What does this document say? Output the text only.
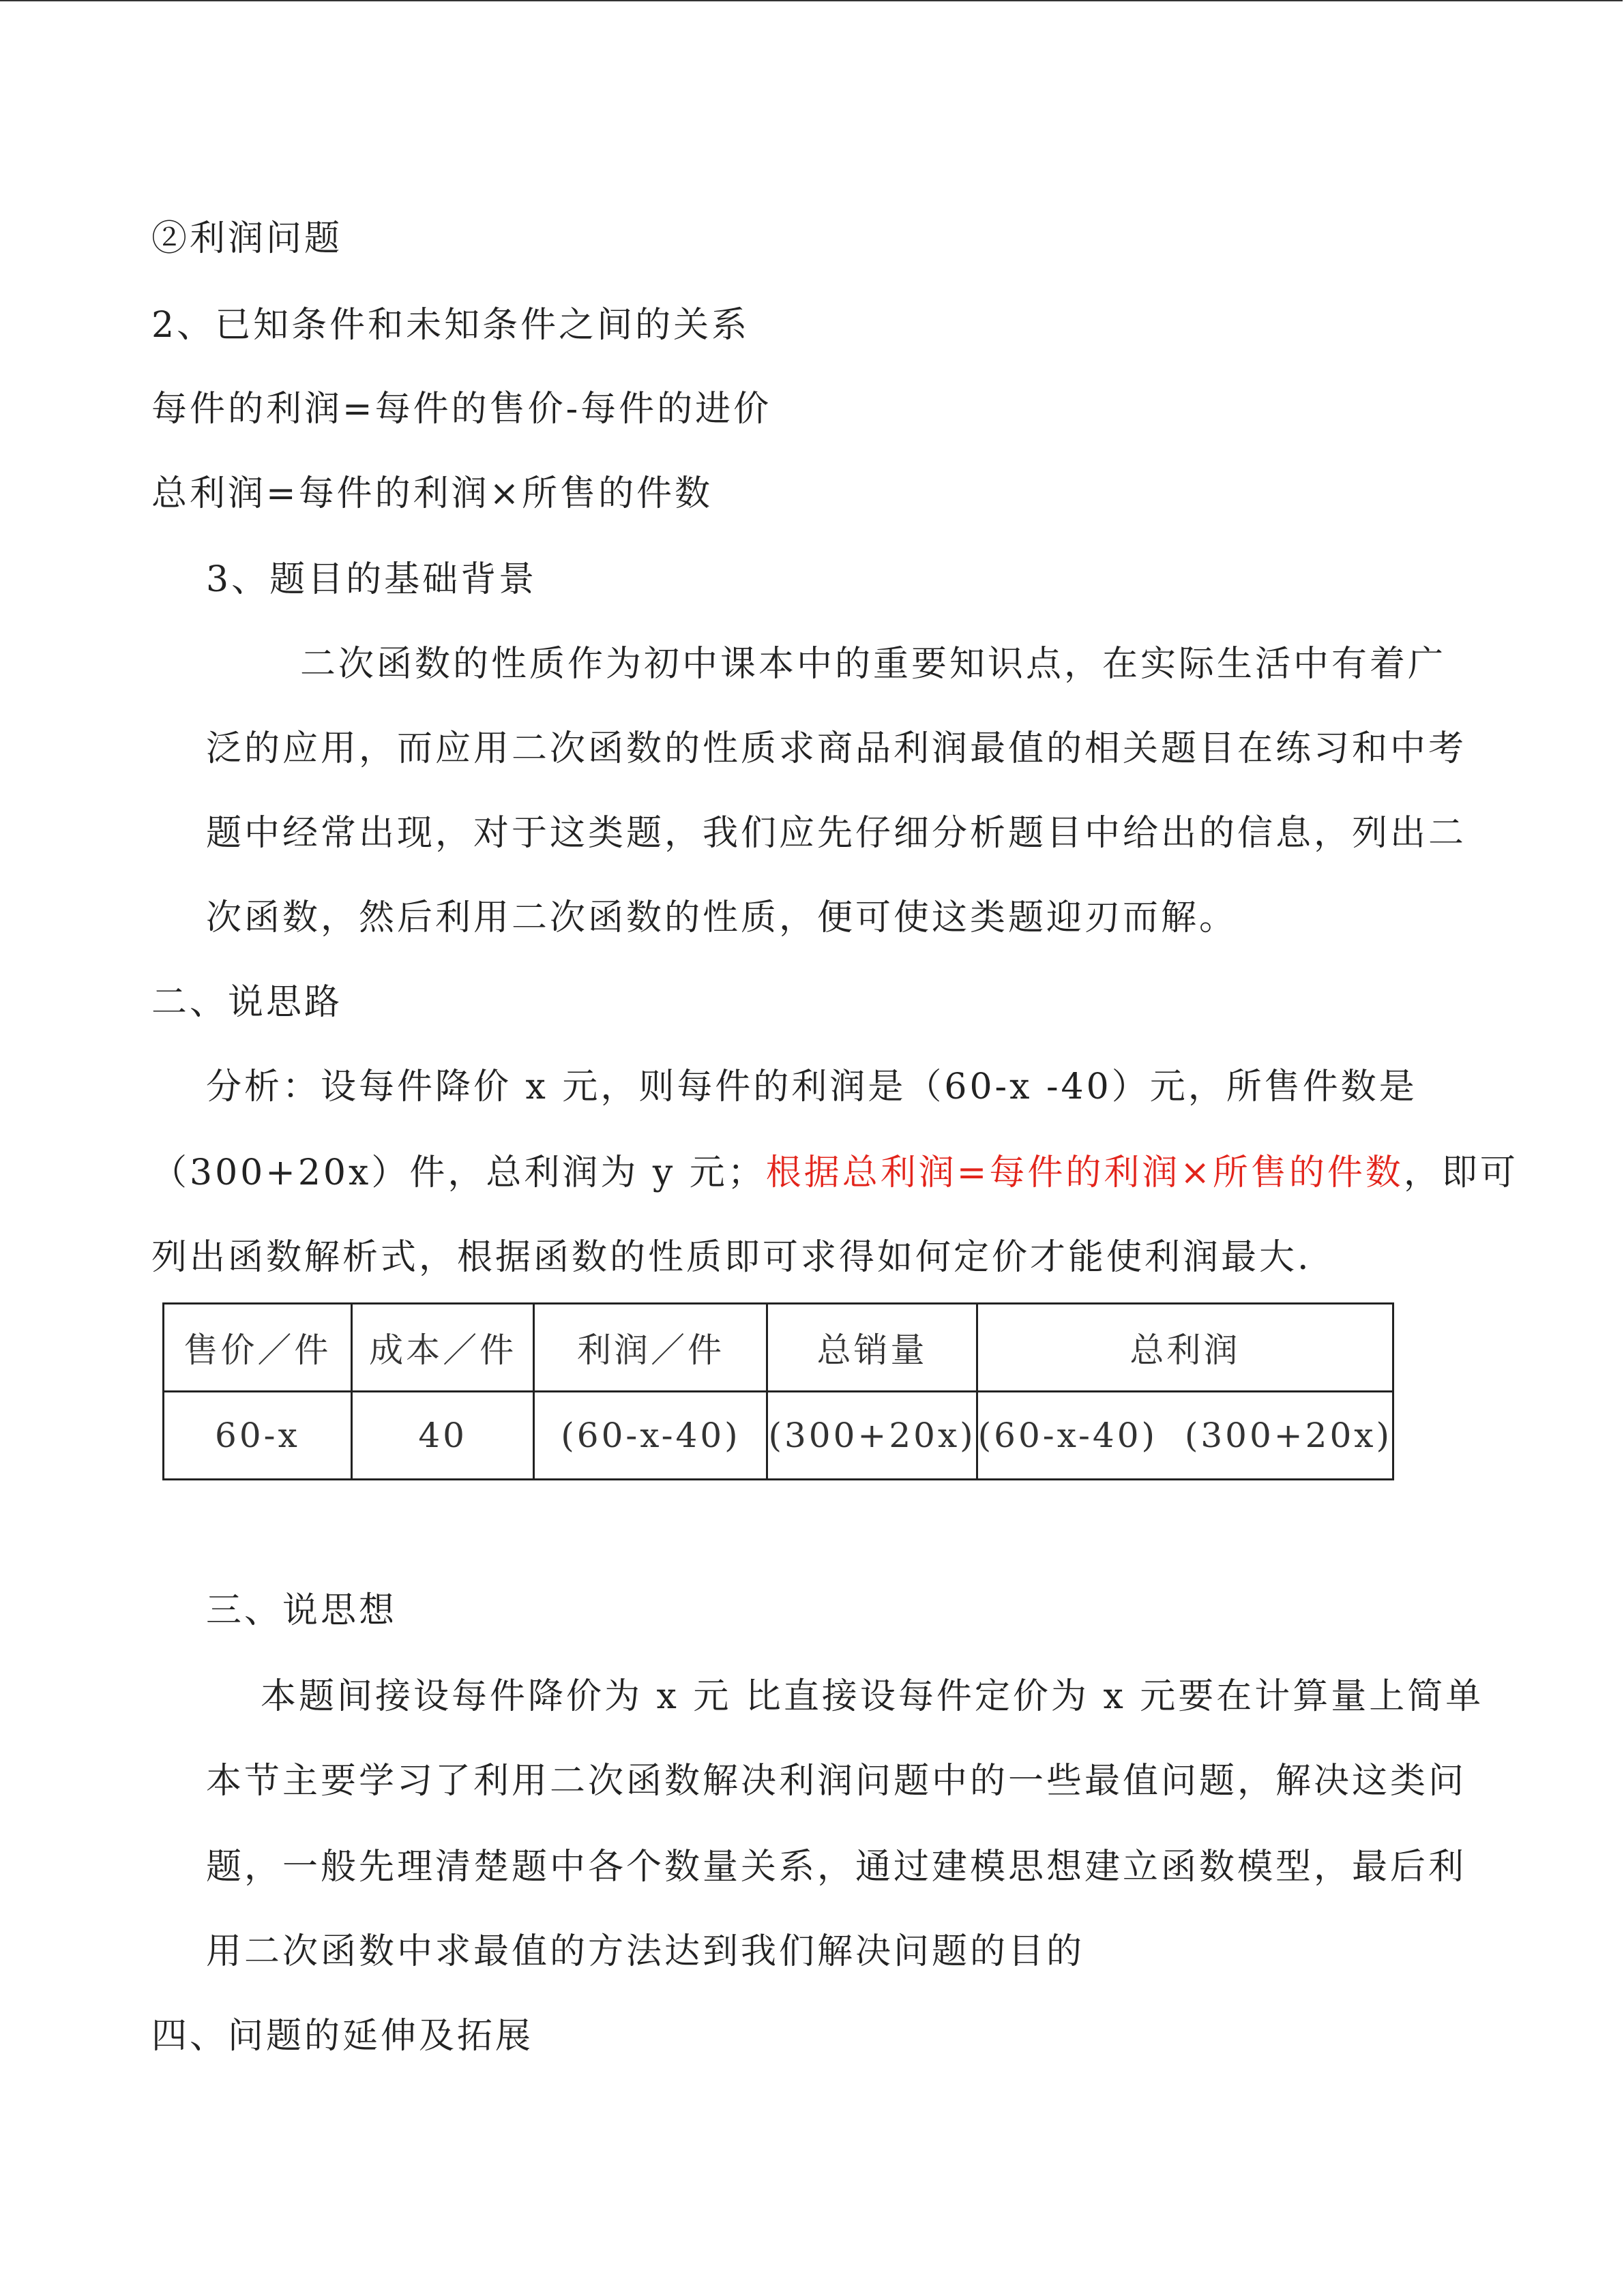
②利润问题
2、已知条件和未知条件之间的关系
每件的利润=每件的售价-每件的进价
总利润=每件的利润×所售的件数
3、题目的基础背景
二次函数的性质作为初中课本中的重要知识点，在实际生活中有着广
泛的应用，而应用二次函数的性质求商品利润最值的相关题目在练习和中考
题中经常出现，对于这类题，我们应先仔细分析题目中给出的信息，列出二
次函数，然后利用二次函数的性质，便可使这类题迎刃而解。
二、说思路
分析：设每件降价 x 元，则每件的利润是（60-x -40）元，所售件数是
（300+20x）件，总利润为 y 元；根据总利润=每件的利润×所售的件数，即可
列出函数解析式，根据函数的性质即可求得如何定价才能使利润最大.
售价／件	成本／件	利润／件	总销量	总利润
60-x	40	(60-x-40)	(300+20x)	(60-x-40)  (300+20x)
三、说思想
本题间接设每件降价为 x 元 比直接设每件定价为 x 元要在计算量上简单
本节主要学习了利用二次函数解决利润问题中的一些最值问题，解决这类问
题，一般先理清楚题中各个数量关系，通过建模思想建立函数模型，最后利
用二次函数中求最值的方法达到我们解决问题的目的
四、问题的延伸及拓展
